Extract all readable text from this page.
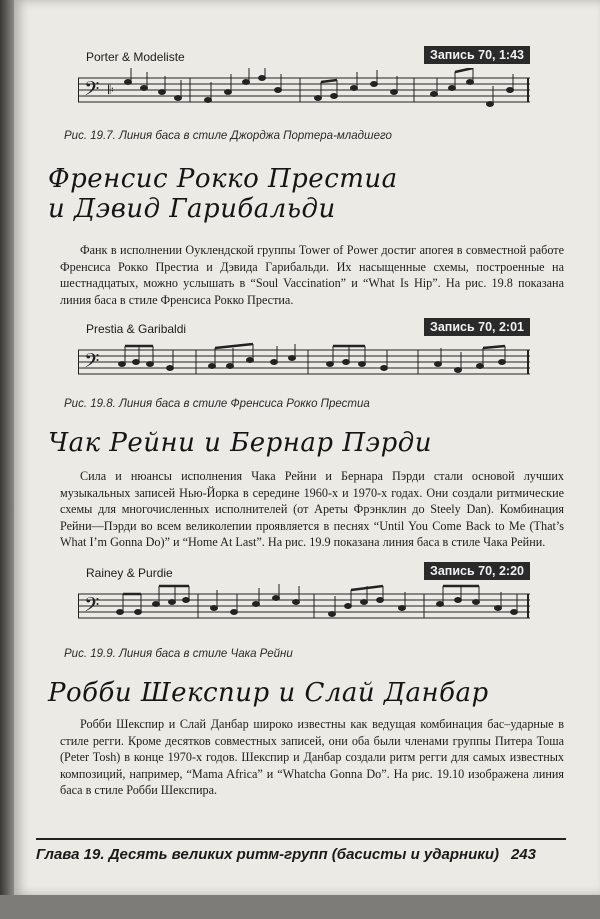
Porter & Modeliste	Запись 70, 1:43
𝄢 𝄆
Рис. 19.7. Линия баса в стиле Джорджа Портера-младшего
Френсис Рокко Престиа
и Дэвид Гарибальди
Фанк в исполнении Оуклендской группы Tower of Power достиг апогея в совместной работе Френсиса Рокко Престиа и Дэвида Гарибальди. Их насыщенные схемы, построенные на шестнадцатых, можно услышать в “Soul Vaccination” и “What Is Hip”. На рис. 19.8 показана линия баса в стиле Френсиса Рокко Престиа.
Prestia & Garibaldi	Запись 70, 2:01
𝄢
Рис. 19.8. Линия баса в стиле Френсиса Рокко Престиа
Чак Рейни и Бернар Пэрди
Сила и нюансы исполнения Чака Рейни и Бернара Пэрди стали основой лучших музыкальных записей Нью-Йорка в середине 1960-х и 1970-х годах. Они создали ритмические схемы для многочисленных исполнителей (от Ареты Фрэнклин до Steely Dan). Комбинация Рейни—Пэрди во всем великолепии проявляется в песнях “Until You Come Back to Me (That’s What I’m Gonna Do)” и “Home At Last”. На рис. 19.9 показана линия баса в стиле Чака Рейни.
Rainey & Purdie	Запись 70, 2:20
𝄢
Рис. 19.9. Линия баса в стиле Чака Рейни
Робби Шекспир и Слай Данбар
Робби Шекспир и Слай Данбар широко известны как ведущая комбинация бас–ударные в стиле регги. Кроме десятков совместных записей, они оба были членами группы Питера Тоша (Peter Tosh) в конце 1970-х годов. Шекспир и Данбар создали ритм регги для самых известных композиций, например, “Mama Africa” и “Whatcha Gonna Do”. На рис. 19.10 изображена линия баса в стиле Робби Шекспира.
Глава 19. Десять великих ритм-групп (басисты и ударники) 243
